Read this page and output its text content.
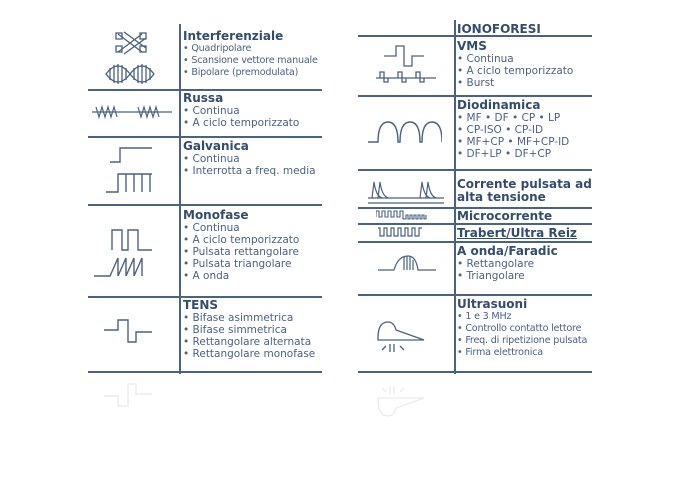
Interferenziale
• Quadripolare
• Scansione vettore manuale
• Bipolare (premodulata)
Russa
• Continua
• A ciclo temporizzato
Galvanica
• Continua
• Interrotta a freq. media
Monofase
• Continua
• A ciclo temporizzato
• Pulsata rettangolare
• Pulsata triangolare
• A onda
TENS
• Bifase asimmetrica
• Bifase simmetrica
• Rettangolare alternata
• Rettangolare monofase
IONOFORESI
VMS
• Continua
• A ciclo temporizzato
• Burst
Diodinamica
• MF • DF • CP • LP
• CP-ISO • CP-ID
• MF+CP • MF+CP-ID
• DF+LP • DF+CP
Corrente pulsata ad alta tensione
Microcorrente
Trabert/Ultra Reiz
A onda/Faradic
• Rettangolare
• Triangolare
Ultrasuoni
• 1 e 3 MHz
• Controllo contatto lettore
• Freq. di ripetizione pulsata
• Firma elettronica
